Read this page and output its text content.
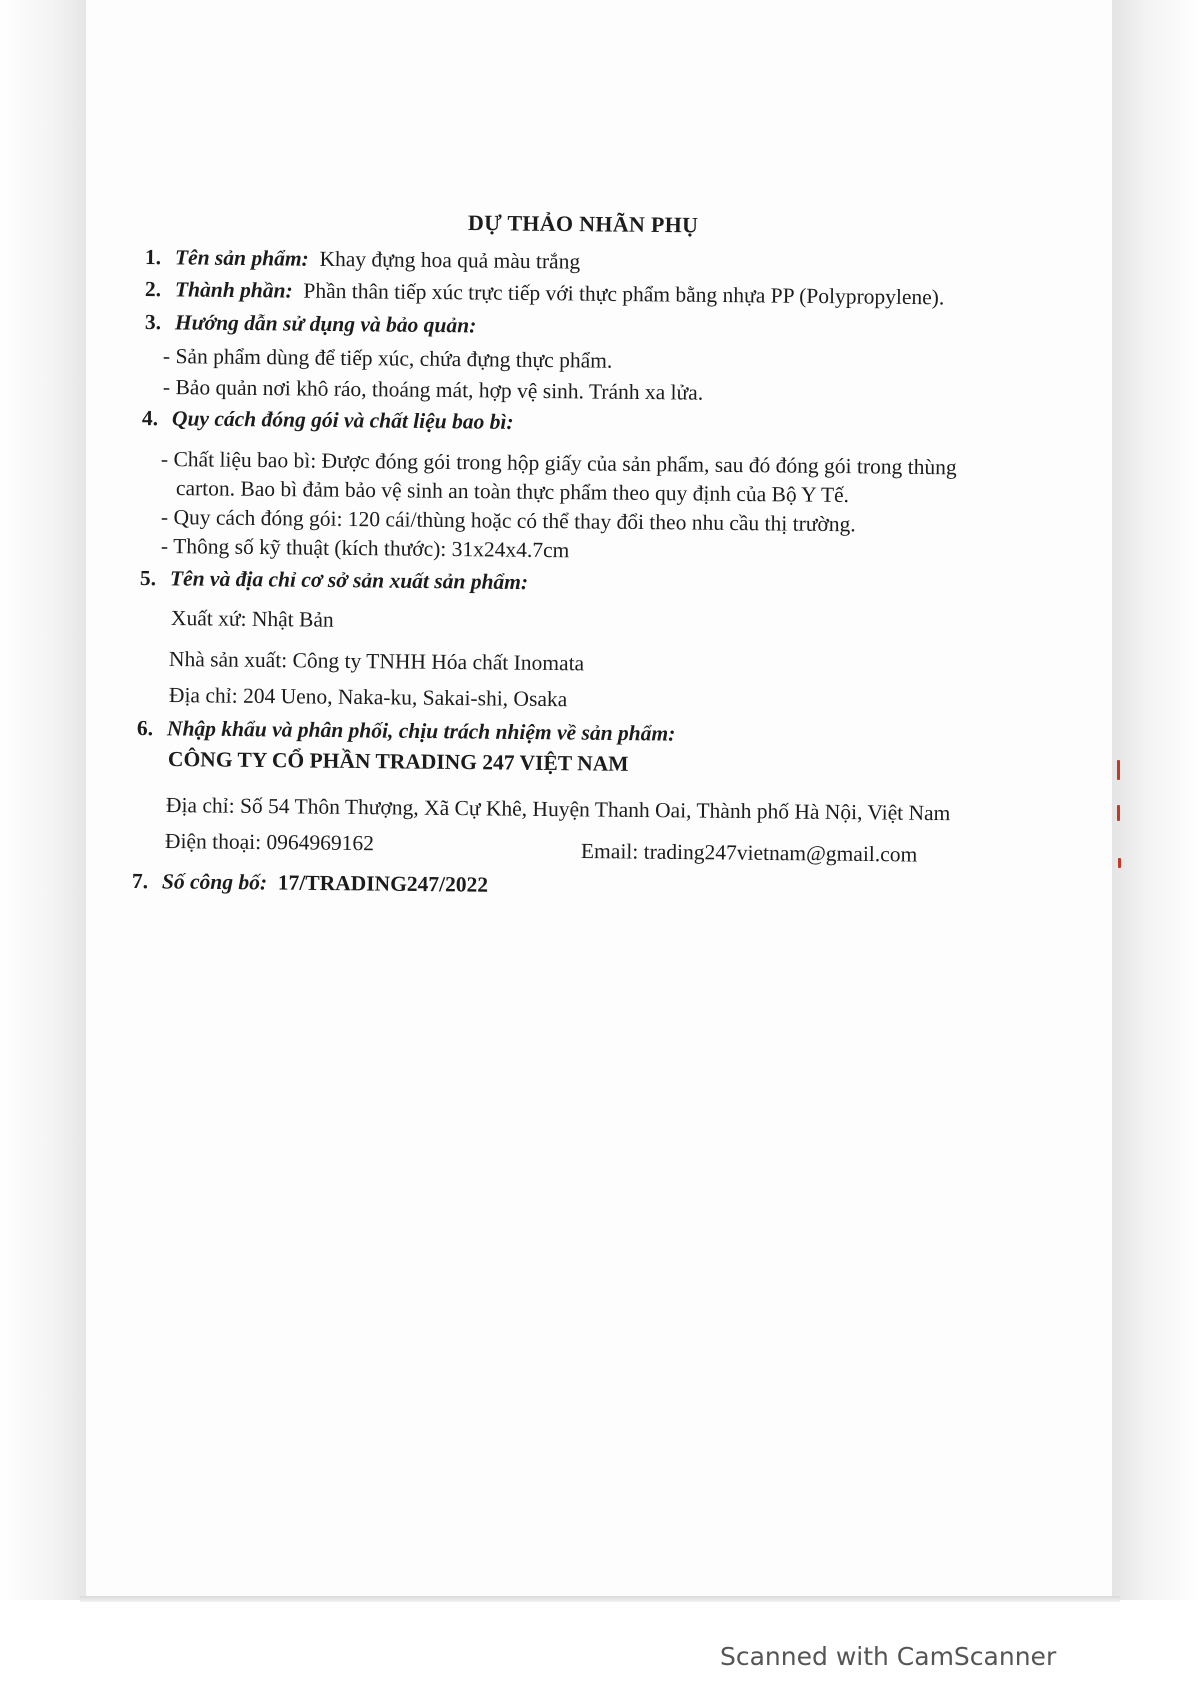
DỰ THẢO NHÃN PHỤ
1. Tên sản phẩm: Khay đựng hoa quả màu trắng
2. Thành phần: Phần thân tiếp xúc trực tiếp với thực phẩm bằng nhựa PP (Polypropylene).
3. Hướng dẫn sử dụng và bảo quản:
- Sản phẩm dùng để tiếp xúc, chứa đựng thực phẩm.
- Bảo quản nơi khô ráo, thoáng mát, hợp vệ sinh. Tránh xa lửa.
4. Quy cách đóng gói và chất liệu bao bì:
- Chất liệu bao bì: Được đóng gói trong hộp giấy của sản phẩm, sau đó đóng gói trong thùng
carton. Bao bì đảm bảo vệ sinh an toàn thực phẩm theo quy định của Bộ Y Tế.
- Quy cách đóng gói: 120 cái/thùng hoặc có thể thay đổi theo nhu cầu thị trường.
- Thông số kỹ thuật (kích thước): 31x24x4.7cm
5. Tên và địa chỉ cơ sở sản xuất sản phẩm:
Xuất xứ: Nhật Bản
Nhà sản xuất: Công ty TNHH Hóa chất Inomata
Địa chỉ: 204 Ueno, Naka-ku, Sakai-shi, Osaka
6. Nhập khẩu và phân phối, chịu trách nhiệm về sản phẩm:
CÔNG TY CỔ PHẦN TRADING 247 VIỆT NAM
Địa chỉ: Số 54 Thôn Thượng, Xã Cự Khê, Huyện Thanh Oai, Thành phố Hà Nội, Việt Nam
Điện thoại: 0964969162	Email: trading247vietnam@gmail.com
7. Số công bố: 17/TRADING247/2022
Scanned with CamScanner
